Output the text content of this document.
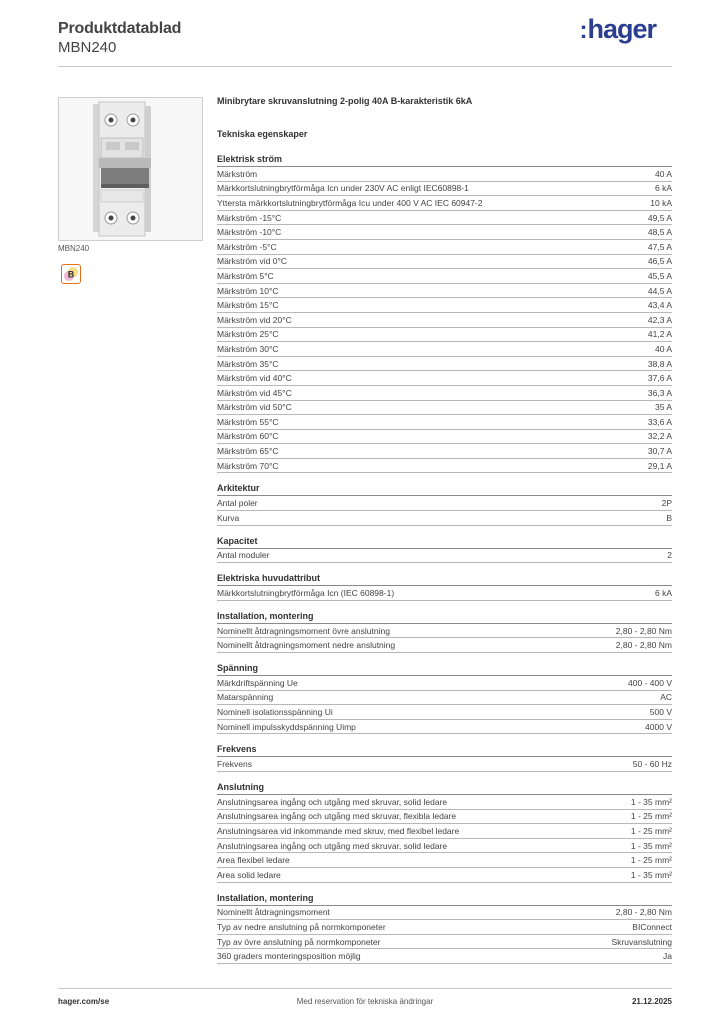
Produktdatablad
MBN240
:hager
MBN240
B
Minibrytare skruvanslutning 2-polig 40A B-karakteristik 6kA
Tekniska egenskaper
Elektrisk ström
Märkström	40 A
Märkkortslutningbrytförmåga Icn under 230V AC enligt IEC60898-1	6 kA
Yttersta märkkortslutningbrytförmåga Icu under 400 V AC IEC 60947-2	10 kA
Märkström -15°C	49,5 A
Märkström -10°C	48,5 A
Märkström -5°C	47,5 A
Märkström vid 0°C	46,5 A
Märkström 5°C	45,5 A
Märkström 10°C	44,5 A
Märkström 15°C	43,4 A
Märkström vid 20°C	42,3 A
Märkström 25°C	41,2 A
Märkström 30°C	40 A
Märkström 35°C	38,8 A
Märkström vid 40°C	37,6 A
Märkström vid 45°C	36,3 A
Märkström vid 50°C	35 A
Märkström 55°C	33,6 A
Märkström 60°C	32,2 A
Märkström 65°C	30,7 A
Märkström 70°C	29,1 A
Arkitektur
Antal poler	2P
Kurva	B
Kapacitet
Antal moduler	2
Elektriska huvudattribut
Märkkortslutningbrytförmåga Icn (IEC 60898-1)	6 kA
Installation, montering
Nominellt åtdragningsmoment övre anslutning	2,80 - 2,80 Nm
Nominellt åtdragningsmoment nedre anslutning	2,80 - 2,80 Nm
Spänning
Märkdriftspänning Ue	400 - 400 V
Matarspänning	AC
Nominell isolationsspänning Ui	500 V
Nominell impulsskyddspänning Uimp	4000 V
Frekvens
Frekvens	50 - 60 Hz
Anslutning
Anslutningsarea ingång och utgång med skruvar, solid ledare	1 - 35 mm²
Anslutningsarea ingång och utgång med skruvar, flexibla ledare	1 - 25 mm²
Anslutningsarea vid inkommande med skruv, med flexibel ledare	1 - 25 mm²
Anslutningsarea ingång och utgång med skruvar, solid ledare	1 - 35 mm²
Area flexibel ledare	1 - 25 mm²
Area solid ledare	1 - 35 mm²
Installation, montering
Nominellt åtdragningsmoment	2,80 - 2,80 Nm
Typ av nedre anslutning på normkomponeter	BIConnect
Typ av övre anslutning på normkomponeter	Skruvanslutning
360 graders monteringsposition möjlig	Ja
hager.com/se	Med reservation för tekniska ändringar	21.12.2025
